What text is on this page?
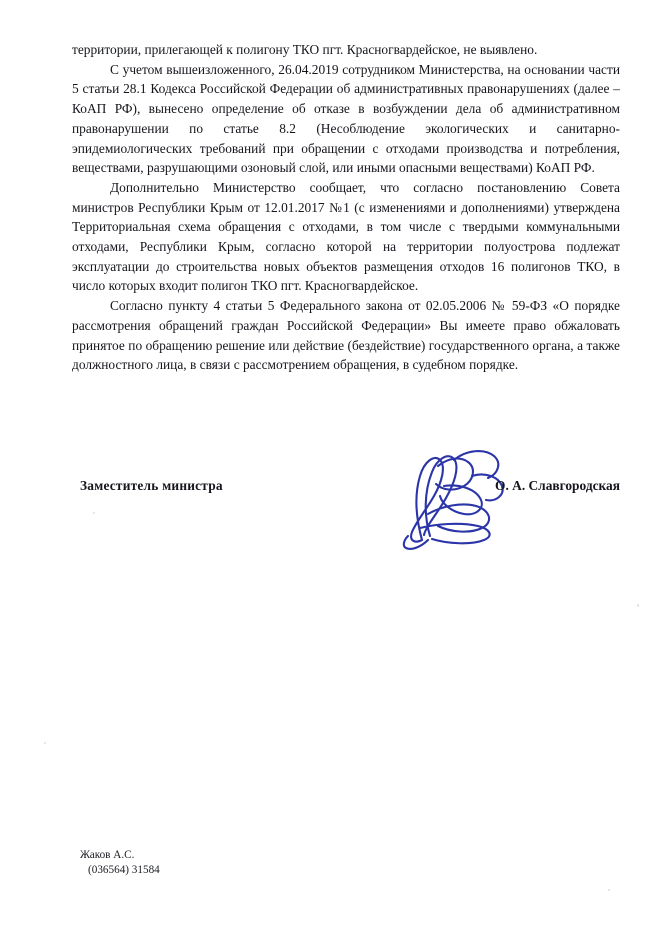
территории, прилегающей к полигону ТКО пгт. Красногвардейское, не выявлено.

С учетом вышеизложенного, 26.04.2019 сотрудником Министерства, на основании части 5 статьи 28.1 Кодекса Российской Федерации об административных правонарушениях (далее – КоАП РФ), вынесено определение об отказе в возбуждении дела об административном правонарушении по статье 8.2 (Несоблюдение экологических и санитарно-эпидемиологических требований при обращении с отходами производства и потребления, веществами, разрушающими озоновый слой, или иными опасными веществами) КоАП РФ.

Дополнительно Министерство сообщает, что согласно постановлению Совета министров Республики Крым от 12.01.2017 №1 (с изменениями и дополнениями) утверждена Территориальная схема обращения с отходами, в том числе с твердыми коммунальными отходами, Республики Крым, согласно которой на территории полуострова подлежат эксплуатации до строительства новых объектов размещения отходов 16 полигонов ТКО, в число которых входит полигон ТКО пгт. Красногвардейское.

Согласно пункту 4 статьи 5 Федерального закона от 02.05.2006 № 59-ФЗ «О порядке рассмотрения обращений граждан Российской Федерации» Вы имеете право обжаловать принятое по обращению решение или действие (бездействие) государственного органа, а также должностного лица, в связи с рассмотрением обращения, в судебном порядке.

Заместитель министра	О. А. Славгородская
Жаков А.С.
(036564) 31584
